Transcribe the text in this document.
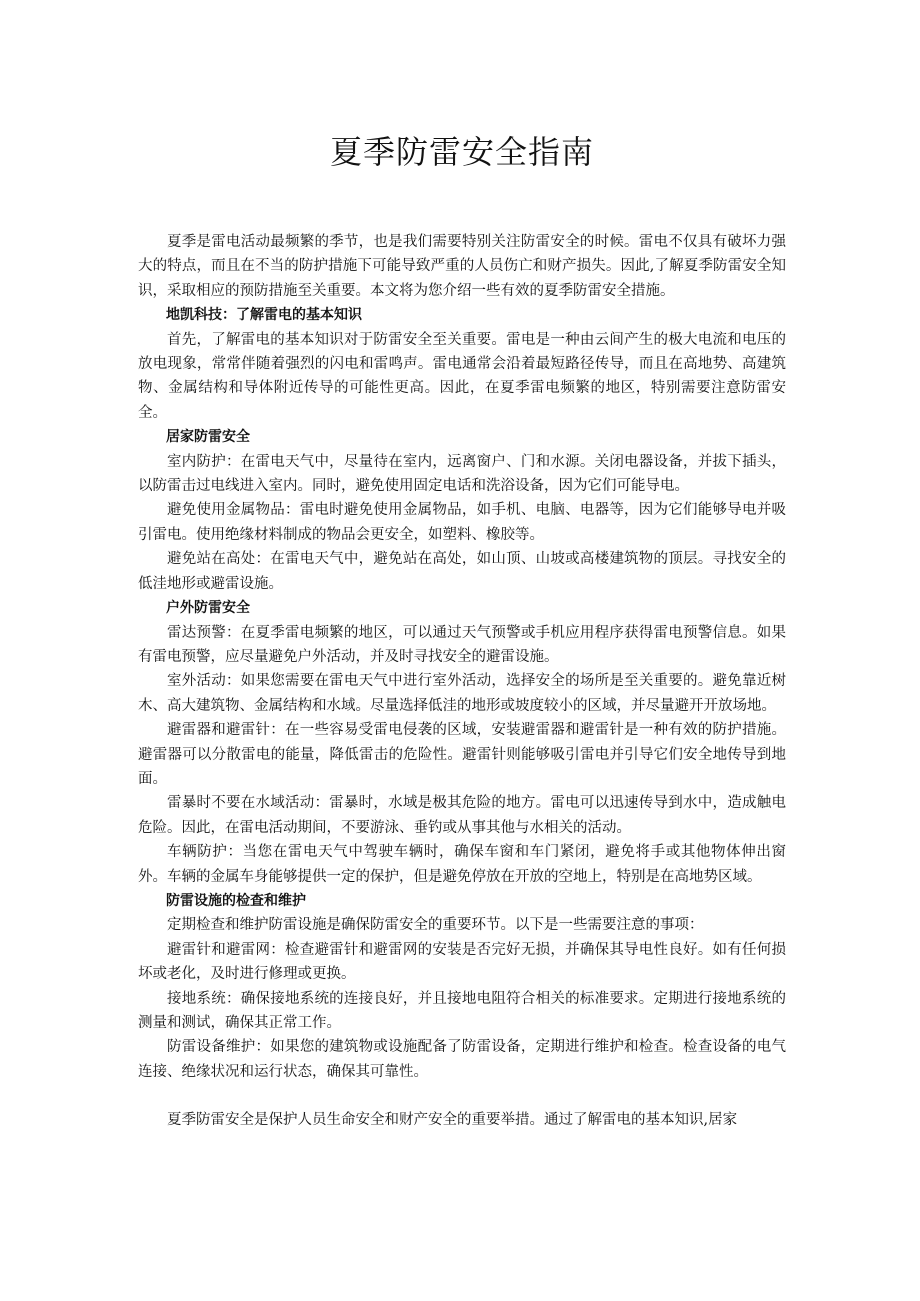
夏季防雷安全指南

夏季是雷电活动最频繁的季节，也是我们需要特别关注防雷安全的时候。雷电不仅具有破坏力强大的特点，而且在不当的防护措施下可能导致严重的人员伤亡和财产损失。因此,了解夏季防雷安全知识，采取相应的预防措施至关重要。本文将为您介绍一些有效的夏季防雷安全措施。

地凯科技：了解雷电的基本知识

首先，了解雷电的基本知识对于防雷安全至关重要。雷电是一种由云间产生的极大电流和电压的放电现象，常常伴随着强烈的闪电和雷鸣声。雷电通常会沿着最短路径传导，而且在高地势、高建筑物、金属结构和导体附近传导的可能性更高。因此，在夏季雷电频繁的地区，特别需要注意防雷安全。

居家防雷安全

室内防护：在雷电天气中，尽量待在室内，远离窗户、门和水源。关闭电器设备，并拔下插头，以防雷击过电线进入室内。同时，避免使用固定电话和洗浴设备，因为它们可能导电。

避免使用金属物品：雷电时避免使用金属物品，如手机、电脑、电器等，因为它们能够导电并吸引雷电。使用绝缘材料制成的物品会更安全，如塑料、橡胶等。

避免站在高处：在雷电天气中，避免站在高处，如山顶、山坡或高楼建筑物的顶层。寻找安全的低洼地形或避雷设施。

户外防雷安全

雷达预警：在夏季雷电频繁的地区，可以通过天气预警或手机应用程序获得雷电预警信息。如果有雷电预警，应尽量避免户外活动，并及时寻找安全的避雷设施。

室外活动：如果您需要在雷电天气中进行室外活动，选择安全的场所是至关重要的。避免靠近树木、高大建筑物、金属结构和水域。尽量选择低洼的地形或坡度较小的区域，并尽量避开开放场地。

避雷器和避雷针：在一些容易受雷电侵袭的区域，安装避雷器和避雷针是一种有效的防护措施。避雷器可以分散雷电的能量，降低雷击的危险性。避雷针则能够吸引雷电并引导它们安全地传导到地面。

雷暴时不要在水域活动：雷暴时，水域是极其危险的地方。雷电可以迅速传导到水中，造成触电危险。因此，在雷电活动期间，不要游泳、垂钓或从事其他与水相关的活动。

车辆防护：当您在雷电天气中驾驶车辆时，确保车窗和车门紧闭，避免将手或其他物体伸出窗外。车辆的金属车身能够提供一定的保护，但是避免停放在开放的空地上，特别是在高地势区域。

防雷设施的检查和维护

定期检查和维护防雷设施是确保防雷安全的重要环节。以下是一些需要注意的事项：

避雷针和避雷网：检查避雷针和避雷网的安装是否完好无损，并确保其导电性良好。如有任何损坏或老化，及时进行修理或更换。

接地系统：确保接地系统的连接良好，并且接地电阻符合相关的标准要求。定期进行接地系统的测量和测试，确保其正常工作。

防雷设备维护：如果您的建筑物或设施配备了防雷设备，定期进行维护和检查。检查设备的电气连接、绝缘状况和运行状态，确保其可靠性。

夏季防雷安全是保护人员生命安全和财产安全的重要举措。通过了解雷电的基本知识,居家
